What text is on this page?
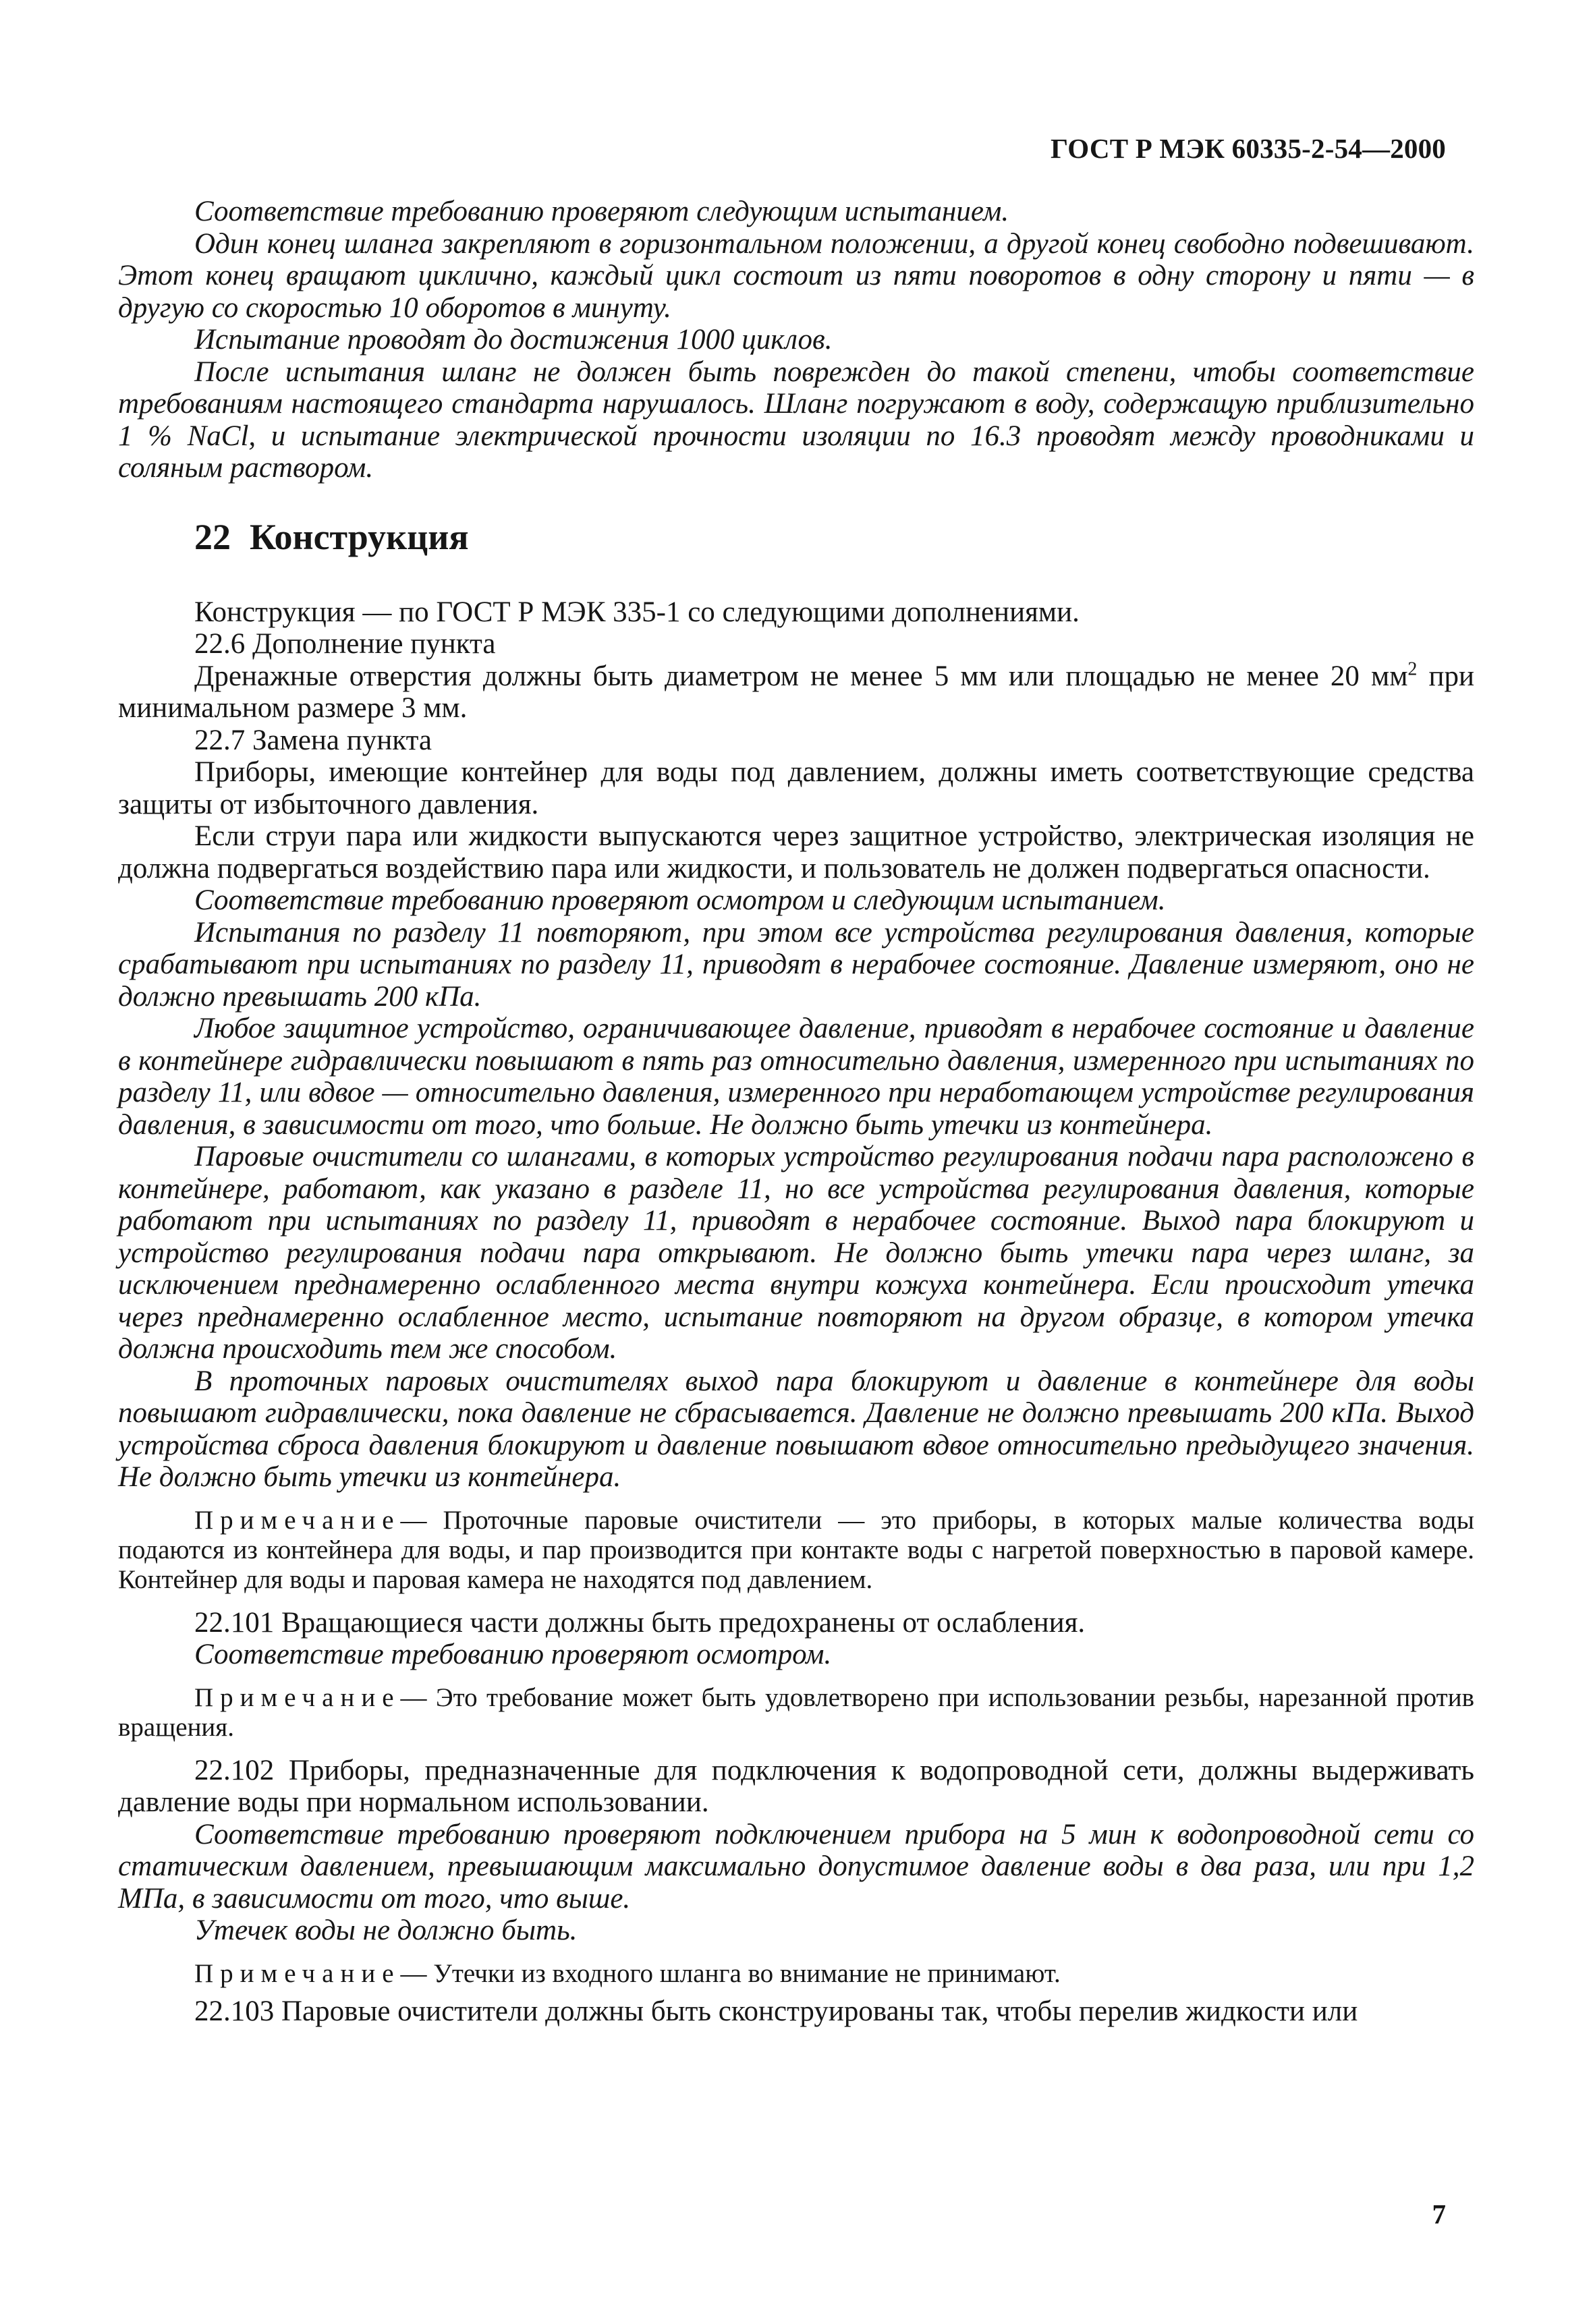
ГОСТ Р МЭК 60335-2-54—2000

Соответствие требованию проверяют следующим испытанием.

Один конец шланга закрепляют в горизонтальном положении, а другой конец свободно подвешивают. Этот конец вращают циклично, каждый цикл состоит из пяти поворотов в одну сторону и пяти — в другую со скоростью 10 оборотов в минуту.

Испытание проводят до достижения 1000 циклов.

После испытания шланг не должен быть поврежден до такой степени, чтобы соответствие требованиям настоящего стандарта нарушалось. Шланг погружают в воду, содержащую приблизительно 1 % NaCl, и испытание электрической прочности изоляции по 16.3 проводят между проводниками и соляным раствором.

22 Конструкция

Конструкция — по ГОСТ Р МЭК 335-1 со следующими дополнениями.

22.6 Дополнение пункта

Дренажные отверстия должны быть диаметром не менее 5 мм или площадью не менее 20 $мм^2$ при минимальном размере 3 мм.

22.7 Замена пункта

Приборы, имеющие контейнер для воды под давлением, должны иметь соответствующие средства защиты от избыточного давления.

Если струи пара или жидкости выпускаются через защитное устройство, электрическая изоляция не должна подвергаться воздействию пара или жидкости, и пользователь не должен подвергаться опасности.

Соответствие требованию проверяют осмотром и следующим испытанием.

Испытания по разделу 11 повторяют, при этом все устройства регулирования давления, которые срабатывают при испытаниях по разделу 11, приводят в нерабочее состояние. Давление измеряют, оно не должно превышать 200 кПа.

Любое защитное устройство, ограничивающее давление, приводят в нерабочее состояние и давление в контейнере гидравлически повышают в пять раз относительно давления, измеренного при испытаниях по разделу 11, или вдвое — относительно давления, измеренного при неработающем устройстве регулирования давления, в зависимости от того, что больше. Не должно быть утечки из контейнера.

Паровые очистители со шлангами, в которых устройство регулирования подачи пара расположено в контейнере, работают, как указано в разделе 11, но все устройства регулирования давления, которые работают при испытаниях по разделу 11, приводят в нерабочее состояние. Выход пара блокируют и устройство регулирования подачи пара открывают. Не должно быть утечки пара через шланг, за исключением преднамеренно ослабленного места внутри кожуха контейнера. Если происходит утечка через преднамеренно ослабленное место, испытание повторяют на другом образце, в котором утечка должна происходить тем же способом.

В проточных паровых очистителях выход пара блокируют и давление в контейнере для воды повышают гидравлически, пока давление не сбрасывается. Давление не должно превышать 200 кПа. Выход устройства сброса давления блокируют и давление повышают вдвое относительно предыдущего значения. Не должно быть утечки из контейнера.

Примечание— Проточные паровые очистители — это приборы, в которых малые количества воды подаются из контейнера для воды, и пар производится при контакте воды с нагретой поверхностью в паровой камере. Контейнер для воды и паровая камера не находятся под давлением.

22.101 Вращающиеся части должны быть предохранены от ослабления.

Соответствие требованию проверяют осмотром.

Примечание— Это требование может быть удовлетворено при использовании резьбы, нарезанной против вращения.

22.102 Приборы, предназначенные для подключения к водопроводной сети, должны выдерживать давление воды при нормальном использовании.

Соответствие требованию проверяют подключением прибора на 5 мин к водопроводной сети со статическим давлением, превышающим максимально допустимое давление воды в два раза, или при 1,2 МПа, в зависимости от того, что выше.

Утечек воды не должно быть.

Примечание— Утечки из входного шланга во внимание не принимают.

22.103 Паровые очистители должны быть сконструированы так, чтобы перелив жидкости или

7
